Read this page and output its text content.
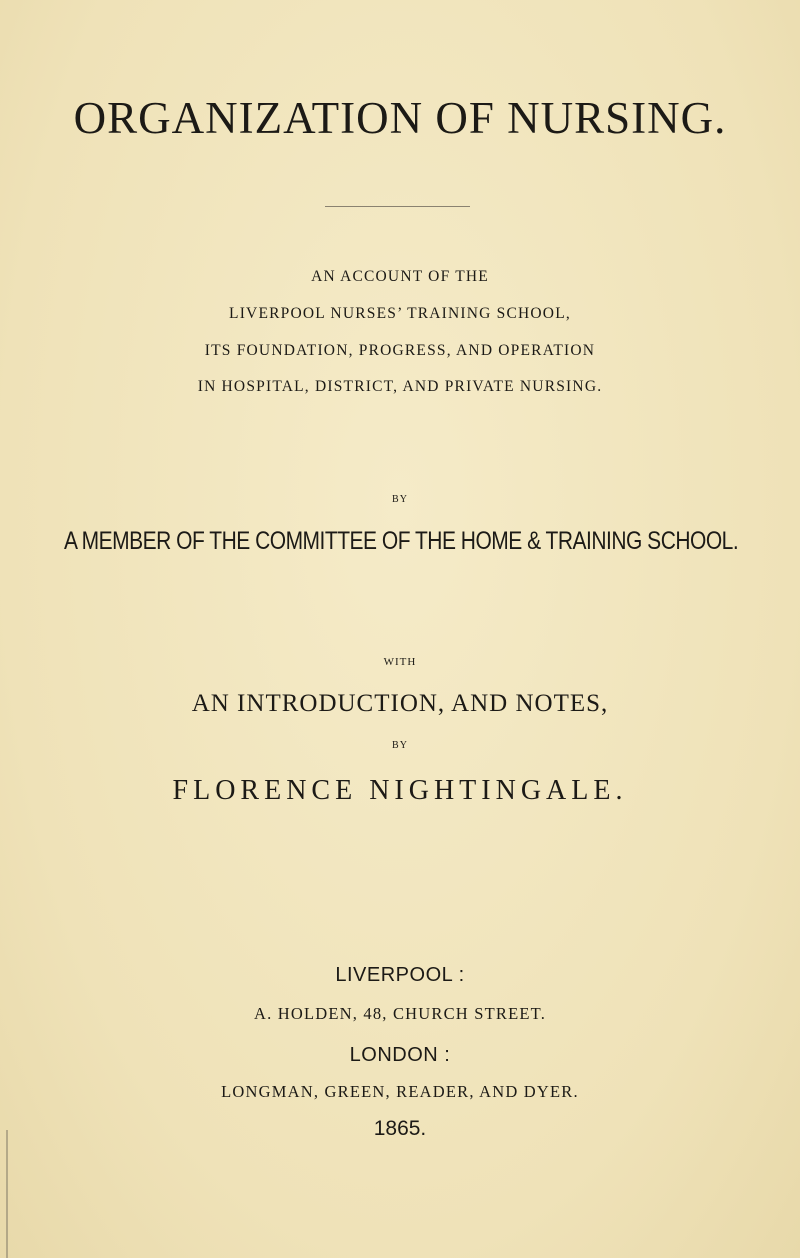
ORGANIZATION OF NURSING.
AN ACCOUNT OF THE
LIVERPOOL NURSES’ TRAINING SCHOOL,
ITS FOUNDATION, PROGRESS, AND OPERATION
IN HOSPITAL, DISTRICT, AND PRIVATE NURSING.
BY
A MEMBER OF THE COMMITTEE OF THE HOME & TRAINING SCHOOL.
WITH
AN INTRODUCTION, AND NOTES,
BY
FLORENCE NIGHTINGALE.
LIVERPOOL :
A. HOLDEN, 48, CHURCH STREET.
LONDON :
LONGMAN, GREEN, READER, AND DYER.
1865.
